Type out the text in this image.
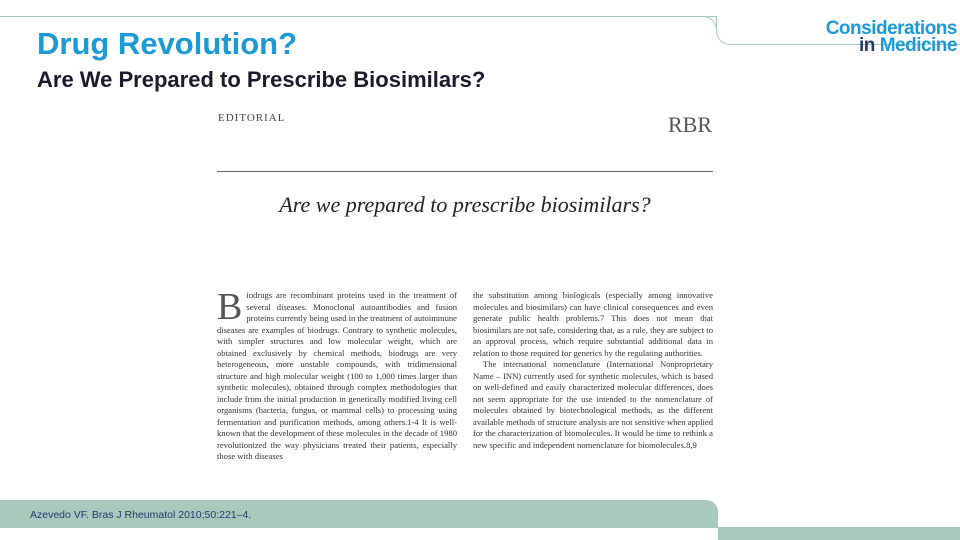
Considerations
in Medicine
Drug Revolution?
Are We Prepared to Prescribe Biosimilars?
EDITORIAL	RBR
Are we prepared to prescribe biosimilars?

Biodrugs are recombinant proteins used in the treatment of several diseases. Monoclonal autoantibodies and fusion proteins currently being used in the treatment of autoimmune diseases are examples of biodrugs. Contrary to synthetic molecules, with simpler structures and low molecular weight, which are obtained exclusively by chemical methods, biodrugs are very heterogeneous, more unstable compounds, with tridimensional structure and high molecular weight (100 to 1,000 times larger than synthetic molecules), obtained through complex methodologies that include from the initial production in genetically modified living cell organisms (bacteria, fungus, or mammal cells) to processing using fermentation and purification methods, among others.1-4 It is well-known that the development of these molecules in the decade of 1980 revolutionized the way physicians treated their patients, especially those with diseases

the substitution among biologicals (especially among innovative molecules and biosimilars) can have clinical consequences and even generate public health problems.7 This does not mean that biosimilars are not safe, considering that, as a rule, they are subject to an approval process, which require substantial additional data in relation to those required for generics by the regulating authorities.

The international nomenclature (International Nonproprietary Name – INN) currently used for synthetic molecules, which is based on well-defined and easily characterized molecular differences, does not seem appropriate for the use intended to the nomenclature of molecules obtained by biotechnological methods, as the different available methods of structure analysis are not sensitive when applied for the characterization of biomolecules. It would be time to rethink a new specific and independent nomenclature for biomolecules.8,9

Azevedo VF. Bras J Rheumatol 2010;50:221–4.
